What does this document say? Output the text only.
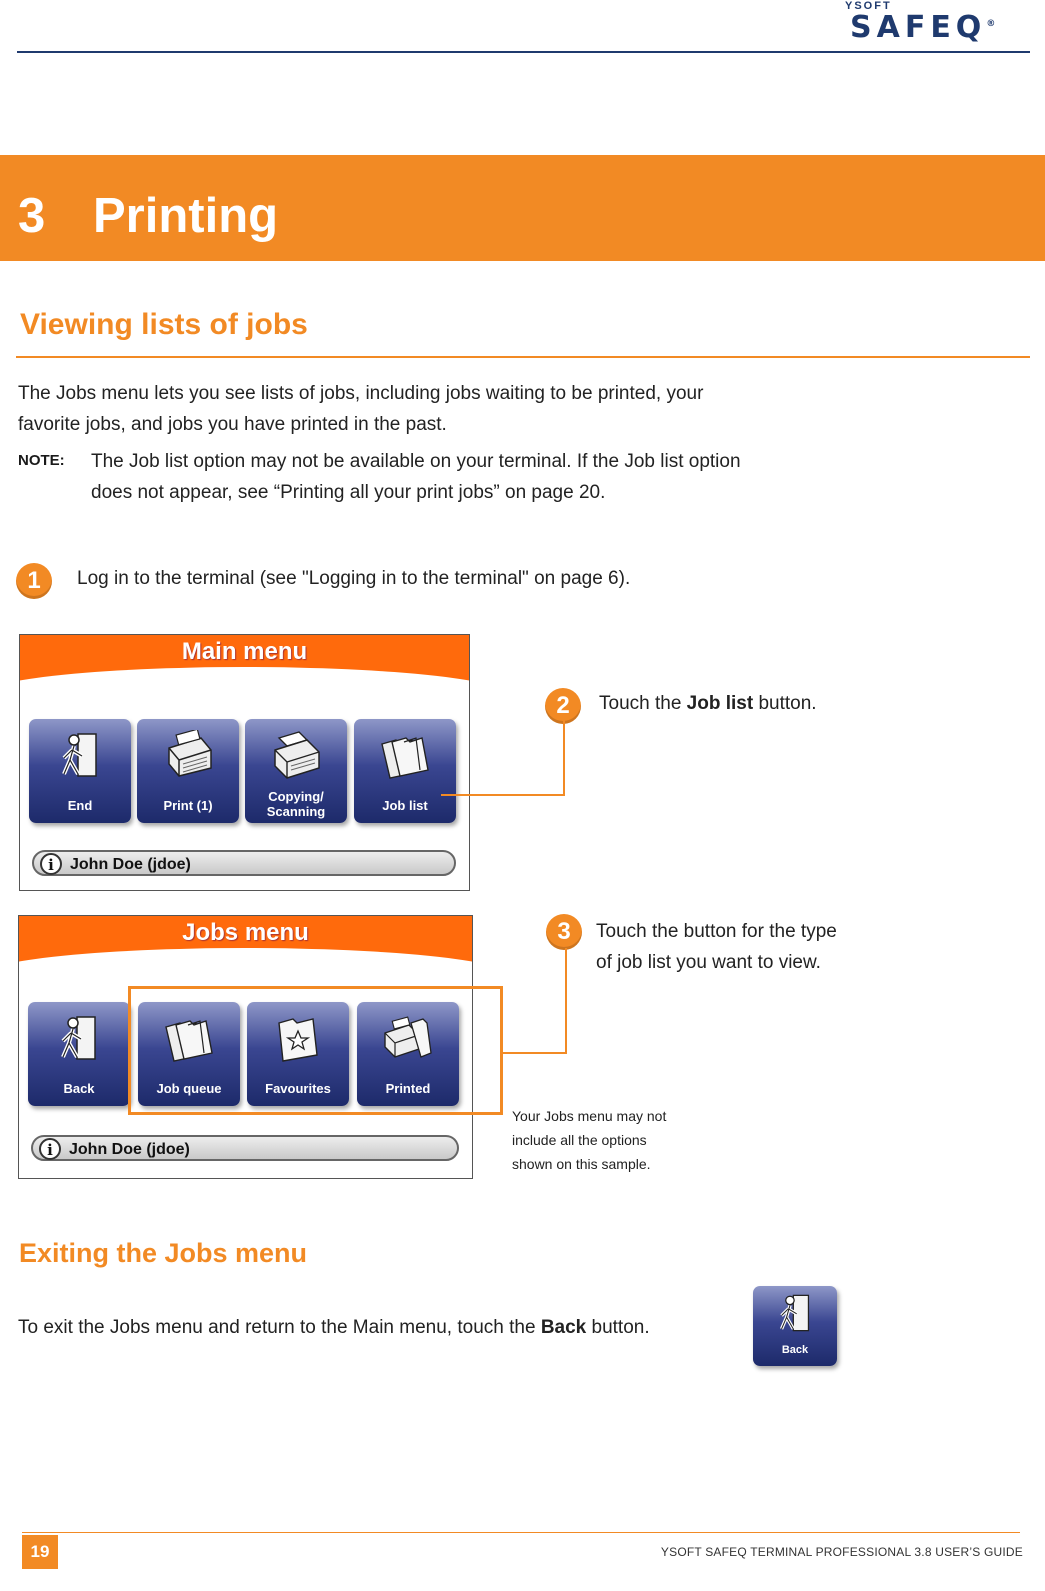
YSOFT
SAFEQ®
3 Printing
Viewing lists of jobs
The Jobs menu lets you see lists of jobs, including jobs waiting to be printed, your
favorite jobs, and jobs you have printed in the past.
NOTE: The Job list option may not be available on your terminal. If the Job list option
does not appear, see “Printing all your print jobs” on page 20.
1	Log in to the terminal (see "Logging in to the terminal" on page 6).
Main menu
End	Print (1)
Copying/
Scanning	Job list
i	John Doe (jdoe)
2	Touch the Job list button.
Jobs menu
Back	Job queue	Favourites	Printed
i	John Doe (jdoe)
3	Touch the button for the type
of job list you want to view.
Your Jobs menu may not
include all the options
shown on this sample.
Exiting the Jobs menu
To exit the Jobs menu and return to the Main menu, touch the Back button.
Back
19	YSOFT SAFEQ TERMINAL PROFESSIONAL 3.8 USER’S GUIDE
